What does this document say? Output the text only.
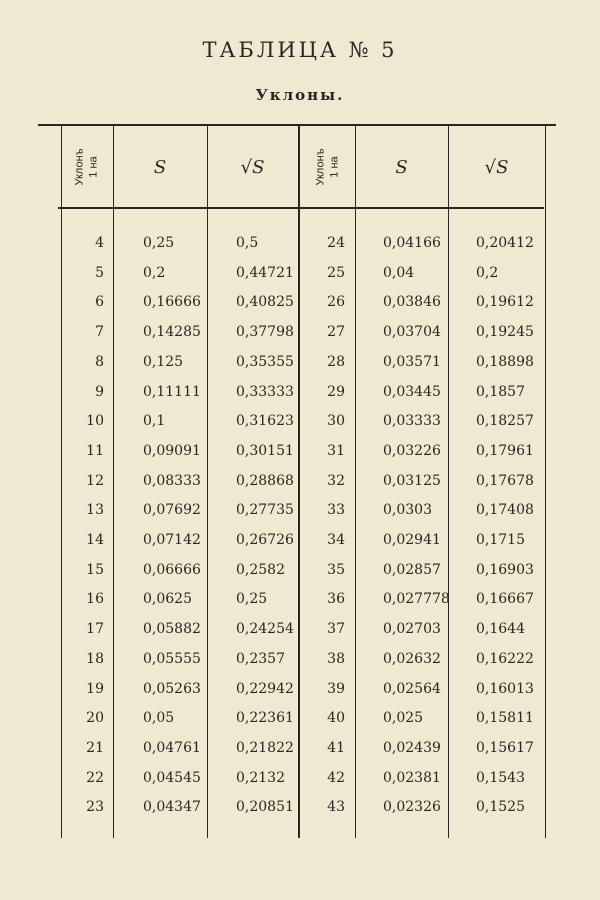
ТАБЛИЦА № 5
Уклоны.
Уклонъ
1 на	S	√S	Уклонъ
1 на	S	√S
4	0,25	0,5	24	0,04166	0,20412
5	0,2	0,44721	25	0,04	0,2
6	0,16666	0,40825	26	0,03846	0,19612
7	0,14285	0,37798	27	0,03704	0,19245
8	0,125	0,35355	28	0,03571	0,18898
9	0,11111	0,33333	29	0,03445	0,1857
10	0,1	0,31623	30	0,03333	0,18257
11	0,09091	0,30151	31	0,03226	0,17961
12	0,08333	0,28868	32	0,03125	0,17678
13	0,07692	0,27735	33	0,0303	0,17408
14	0,07142	0,26726	34	0,02941	0,1715
15	0,06666	0,2582	35	0,02857	0,16903
16	0,0625	0,25	36	0,027778 0,16667
17	0,05882	0,24254	37	0,02703	0,1644
18	0,05555	0,2357	38	0,02632	0,16222
19	0,05263	0,22942	39	0,02564	0,16013
20	0,05	0,22361	40	0,025	0,15811
21	0,04761	0,21822	41	0,02439	0,15617
22	0,04545	0,2132	42	0,02381	0,1543
23	0,04347	0,20851	43	0,02326	0,1525
